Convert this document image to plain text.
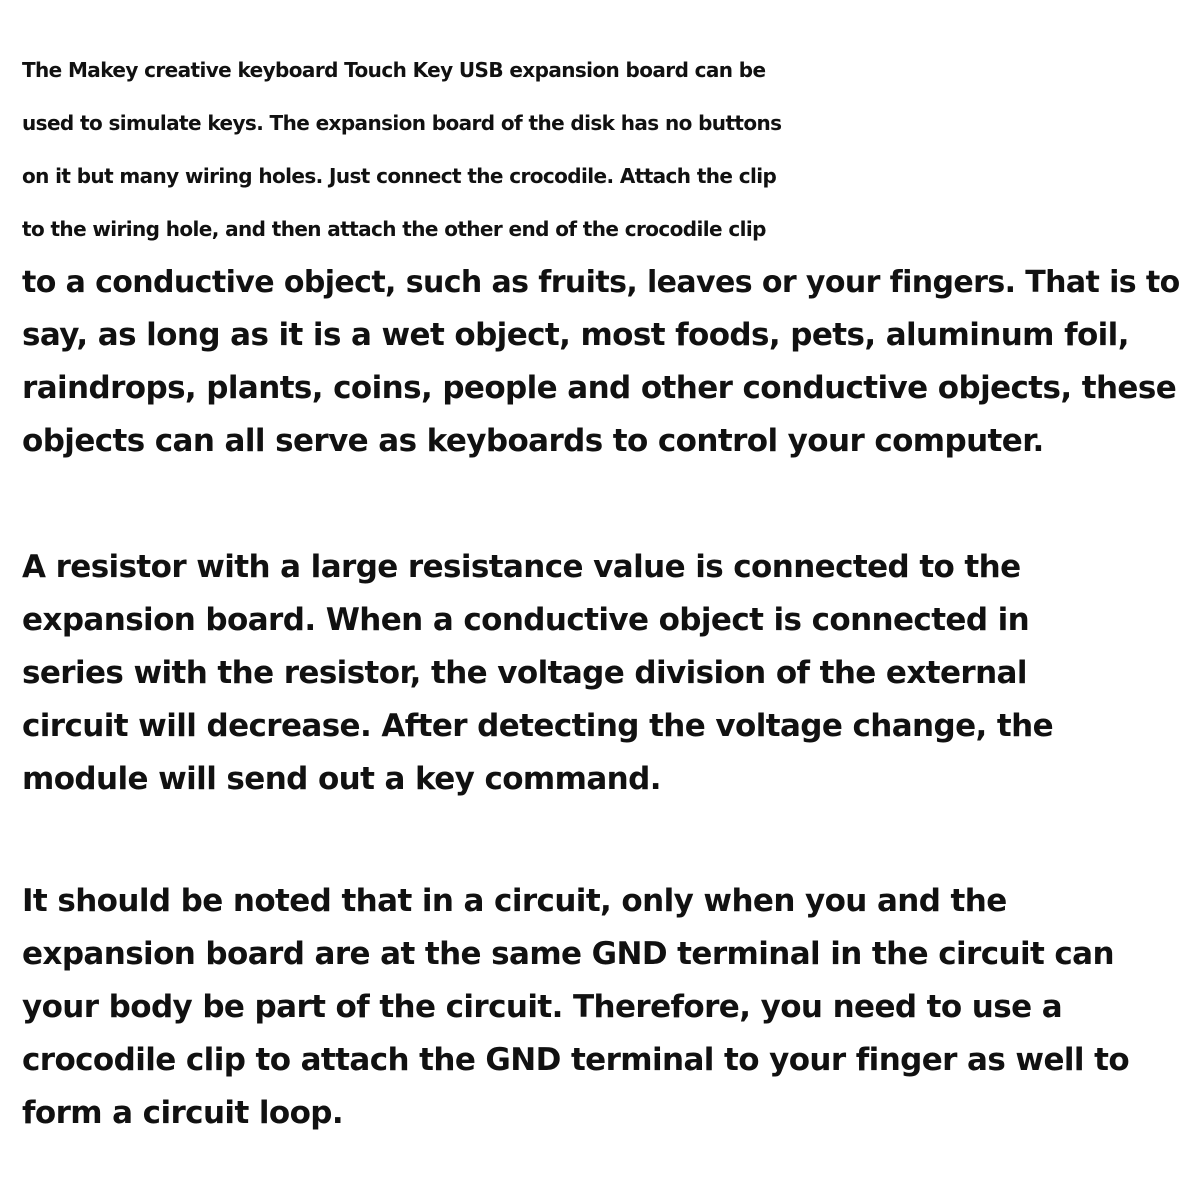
The Makey creative keyboard Touch Key USB expansion board can be
used to simulate keys. The expansion board of the disk has no buttons
on it but many wiring holes. Just connect the crocodile. Attach the clip
to the wiring hole, and then attach the other end of the crocodile clip
to a conductive object, such as fruits, leaves or your fingers. That is to
say, as long as it is a wet object, most foods, pets, aluminum foil,
raindrops, plants, coins, people and other conductive objects, these
objects can all serve as keyboards to control your computer.
A resistor with a large resistance value is connected to the
expansion board. When a conductive object is connected in
series with the resistor, the voltage division of the external
circuit will decrease. After detecting the voltage change, the
module will send out a key command.
It should be noted that in a circuit, only when you and the
expansion board are at the same GND terminal in the circuit can
your body be part of the circuit. Therefore, you need to use a
crocodile clip to attach the GND terminal to your finger as well to
form a circuit loop.
